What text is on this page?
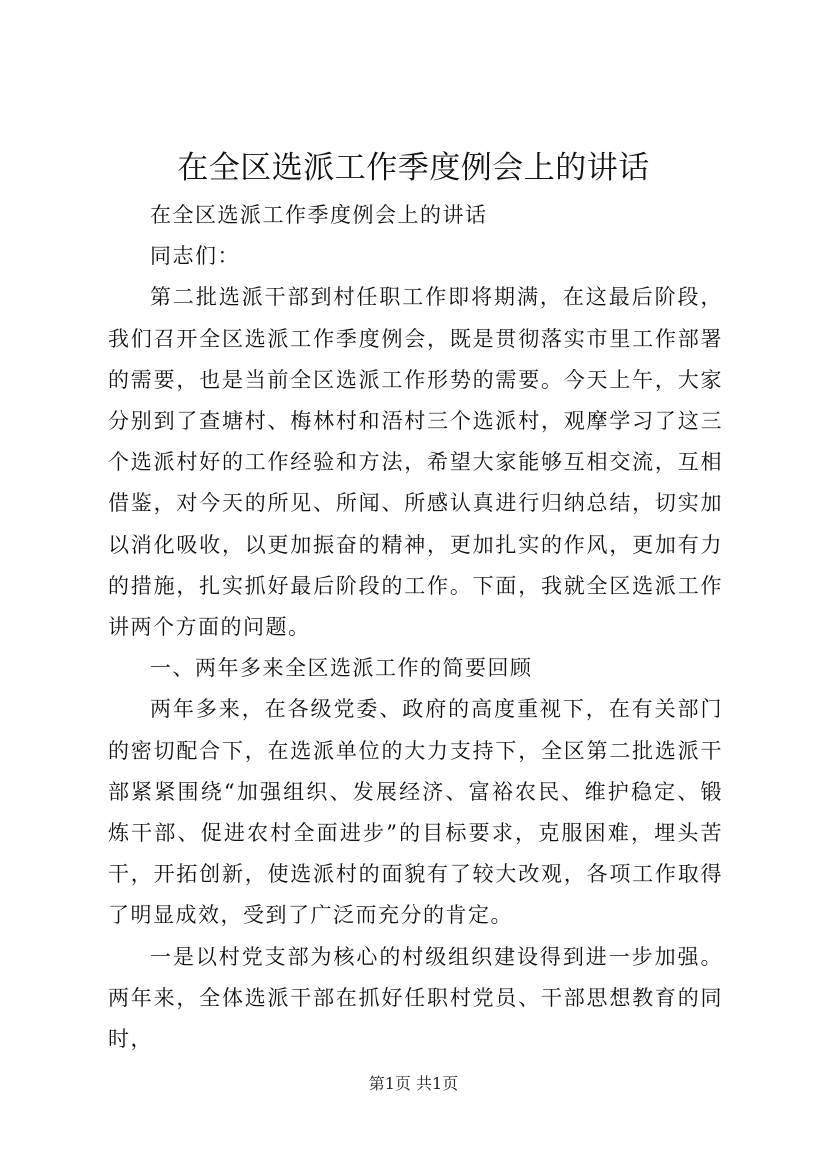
在全区选派工作季度例会上的讲话

在全区选派工作季度例会上的讲话

同志们：

第二批选派干部到村任职工作即将期满，在这最后阶段，我们召开全区选派工作季度例会，既是贯彻落实市里工作部署的需要，也是当前全区选派工作形势的需要。今天上午，大家分别到了查塘村、梅林村和浯村三个选派村，观摩学习了这三个选派村好的工作经验和方法，希望大家能够互相交流，互相借鉴，对今天的所见、所闻、所感认真进行归纳总结，切实加以消化吸收，以更加振奋的精神，更加扎实的作风，更加有力的措施，扎实抓好最后阶段的工作。下面，我就全区选派工作讲两个方面的问题。

一、两年多来全区选派工作的简要回顾

两年多来，在各级党委、政府的高度重视下，在有关部门的密切配合下，在选派单位的大力支持下，全区第二批选派干部紧紧围绕“加强组织、发展经济、富裕农民、维护稳定、锻炼干部、促进农村全面进步”的目标要求，克服困难，埋头苦干，开拓创新，使选派村的面貌有了较大改观，各项工作取得了明显成效，受到了广泛而充分的肯定。

一是以村党支部为核心的村级组织建设得到进一步加强。两年来，全体选派干部在抓好任职村党员、干部思想教育的同时，

第1页 共1页
